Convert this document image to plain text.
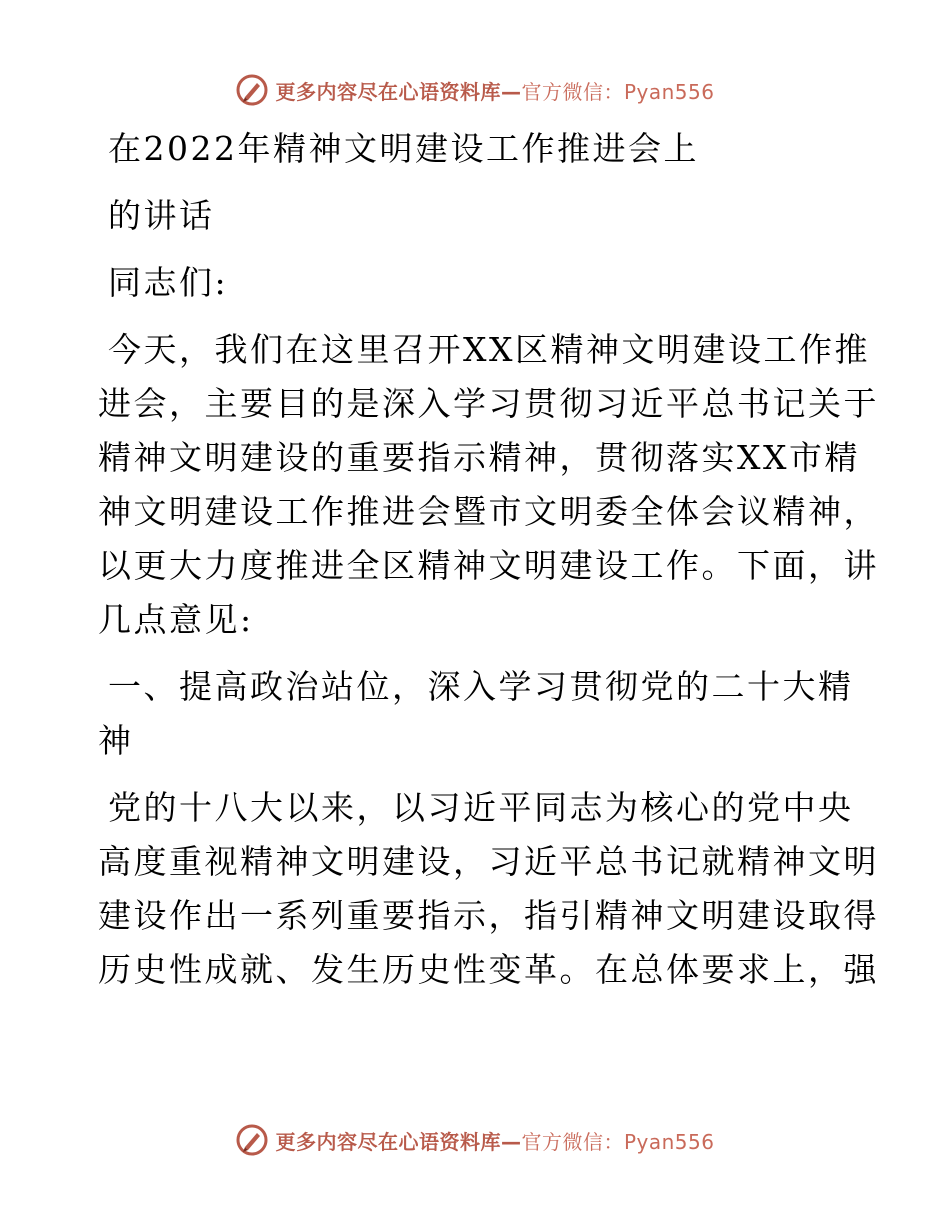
更多内容尽在心语资料库—官方微信：Pyan556
在2022年精神文明建设工作推进会上
的讲话
同志们:
今天，我们在这里召开XX区精神文明建设工作推
进会，主要目的是深入学习贯彻习近平总书记关于
精神文明建设的重要指示精神，贯彻落实XX市精
神文明建设工作推进会暨市文明委全体会议精神，
以更大力度推进全区精神文明建设工作。下面，讲
几点意见:
一、提高政治站位，深入学习贯彻党的二十大精
神
党的十八大以来，以习近平同志为核心的党中央
高度重视精神文明建设，习近平总书记就精神文明
建设作出一系列重要指示，指引精神文明建设取得
历史性成就、发生历史性变革。在总体要求上，强
更多内容尽在心语资料库—官方微信：Pyan556
